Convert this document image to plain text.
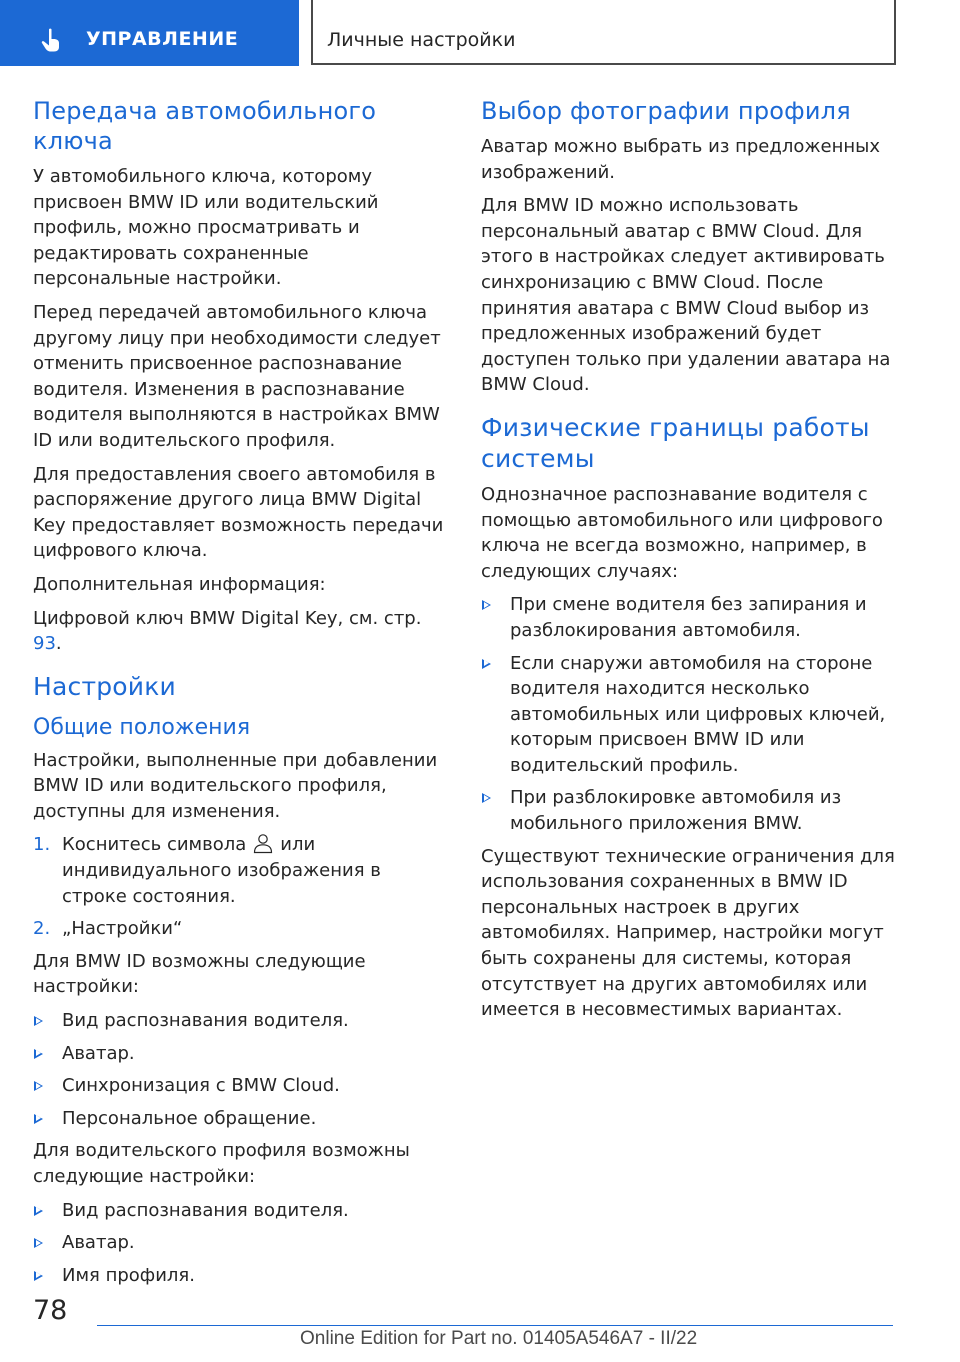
УПРАВЛЕНИЕ	Личные настройки
Передача автомобильного ключа

У автомобильного ключа, которому присвоен BMW ID или водительский профиль, можно просматривать и редактировать сохраненные персональные настройки.

Перед передачей автомобильного ключа другому лицу при необходимости следует отменить присвоенное распознавание водителя. Изменения в распознавание водителя выполняются в настройках BMW ID или водительского профиля.

Для предоставления своего автомобиля в распоряжение другого лица BMW Digital Key предоставляет возможность передачи цифрового ключа.

Дополнительная информация:

Цифровой ключ BMW Digital Key, см. стр. 93.

Настройки
Общие положения

Настройки, выполненные при добавлении BMW ID или водительского профиля, доступны для изменения.

1. Коснитесь символа или индивидуального изображения в строке состояния.
2. „Настройки“

Для BMW ID возможны следующие настройки:

Вид распознавания водителя.
Аватар.
Синхронизация с BMW Cloud.
Персональное обращение.

Для водительского профиля возможны следующие настройки:

Вид распознавания водителя.
Аватар.
Имя профиля.
Выбор фотографии профиля

Аватар можно выбрать из предложенных изображений.

Для BMW ID можно использовать персональный аватар с BMW Cloud. Для этого в настройках следует активировать синхронизацию с BMW Cloud. После принятия аватара с BMW Cloud выбор из предложенных изображений будет доступен только при удалении аватара на BMW Cloud.

Физические границы работы системы

Однозначное распознавание водителя с помощью автомобильного или цифрового ключа не всегда возможно, например, в следующих случаях:

При смене водителя без запирания и разблокирования автомобиля.
Если снаружи автомобиля на стороне водителя находится несколько автомобильных или цифровых ключей, которым присвоен BMW ID или водительский профиль.
При разблокировке автомобиля из мобильного приложения BMW.

Существуют технические ограничения для использования сохраненных в BMW ID персональных настроек в других автомобилях. Например, настройки могут быть сохранены для системы, которая отсутствует на других автомобилях или имеется в несовместимых вариантах.

78
Online Edition for Part no. 01405A546A7 - II/22
